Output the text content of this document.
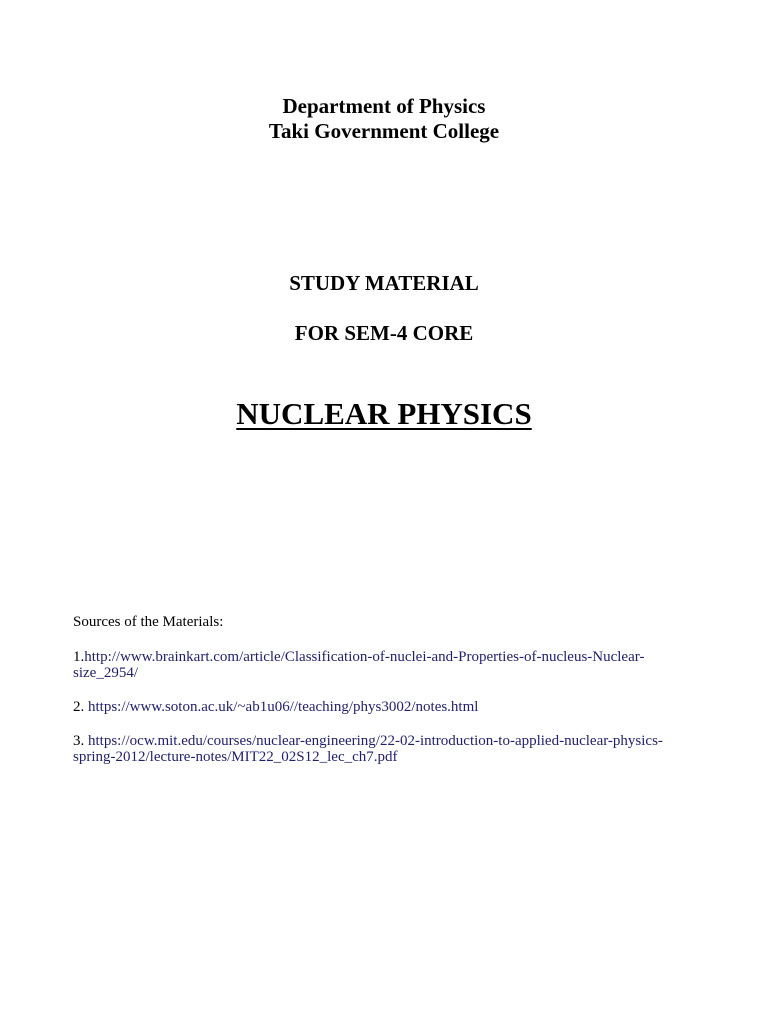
Department of Physics
Taki Government College
STUDY MATERIAL
FOR SEM-4 CORE
NUCLEAR PHYSICS
Sources of the Materials:
1.http://www.brainkart.com/article/Classification-of-nuclei-and-Properties-of-nucleus-Nuclear-size_2954/
2. https://www.soton.ac.uk/~ab1u06//teaching/phys3002/notes.html
3. https://ocw.mit.edu/courses/nuclear-engineering/22-02-introduction-to-applied-nuclear-physics-spring-2012/lecture-notes/MIT22_02S12_lec_ch7.pdf
